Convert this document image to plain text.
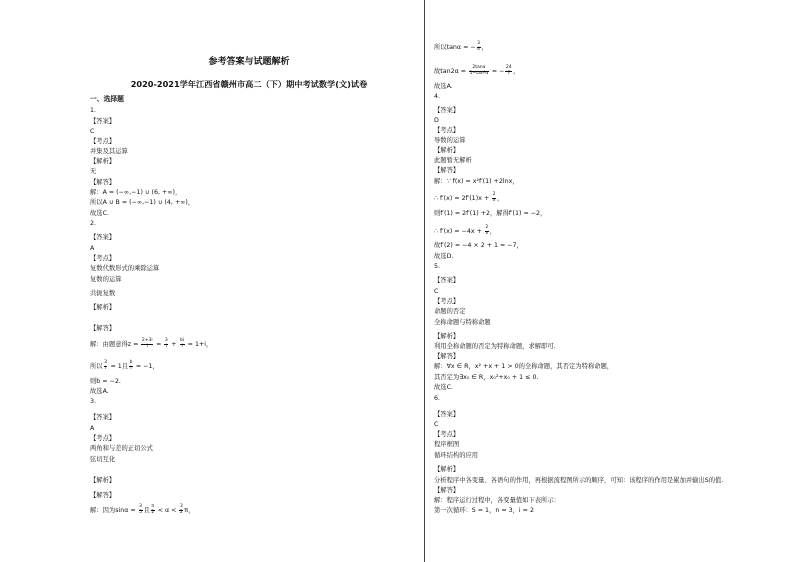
参考答案与试题解析
2020-2021学年江西省赣州市高二（下）期中考试数学(文)试卷
一、选择题
1.
【答案】
C
【考点】
并集及其运算
【解析】
无
【解答】
解：A = (−∞,−1) ∪ (6, +∞)，
所以A ∪ B = (−∞,−1) ∪ (4, +∞)，
故选C.
2.
【答案】
A
【考点】
复数代数形式的乘除运算
复数的运算
共轭复数
【解析】
【解答】
解：由题意得$z = \frac{2+3i}{i} = \frac{3}{i} + \frac{bi}{i} = 1+i$，
所以 $\frac{3}{i} = 1$且 $\frac{b}{i} = -1$，
则b = −2.
故选A.
3.
【答案】
A
【考点】
两角和与差的正切公式
弦切互化
【解析】
【解答】
解：因为$\sin\alpha = \frac{3}{5}$ 且 $\frac{\pi}{2} < \alpha < \frac{3}{2}$ π，
所以tanα = − $\frac{3}{4}$ ，
故$\tan 2\alpha = \frac{2\tan\alpha}{\text{1−tan²α}}$ = − $\frac{24}{7}$ ，
故选A.
4.
【答案】
D
【考点】
导数的运算
【解析】
此题暂无解析
【解答】
解：∵ f(x) = x²f′(1) +2lnx，
∴ $f'(x) = 2f'(1)x + \frac{2}{x}$ ，
则f′(1) = 2f′(1) +2，解得f′(1) = −2，
∴ $f'(x) = -4x + \frac{2}{x}$ ，
故f′(2) = −4 × 2 + 1 = −7，
故选D.
5.
【答案】
C
【考点】
命题的否定
全称命题与特称命题
【解析】
利用全称命题的否定为特称命题，求解即可.
【解答】
解：∀x ∈ R，x² +x + 1 > 0的全称命题，其否定为特称命题，
其否定为∃x₀ ∈ R，x₀²+x₀ + 1 ≤ 0.
故选C.
6.
【答案】
C
【考点】
程序框图
循环结构的应用
【解析】
分析程序中各变量、各语句的作用，再根据流程图所示的顺序，可知：该程序的作用是累加并输出S的值.
【解答】
解：程序运行过程中，各变量值如下表所示：
第一次循环：S = 1，n = 3，i = 2
